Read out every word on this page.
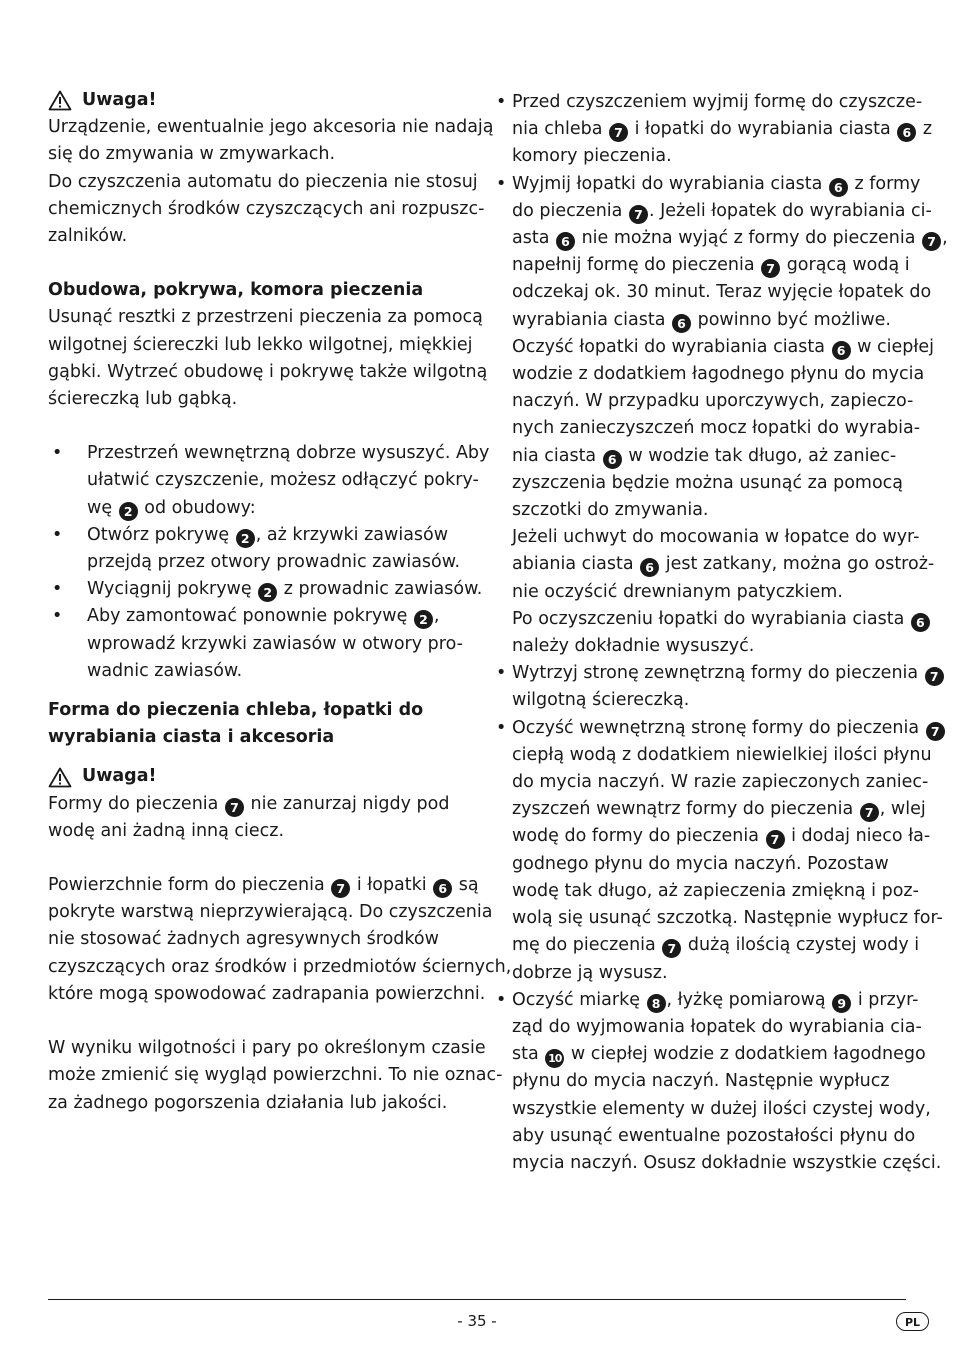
Uwaga!
Urządzenie, ewentualnie jego akcesoria nie nadają
się do zmywania w zmywarkach.
Do czyszczenia automatu do pieczenia nie stosuj
chemicznych środków czyszczących ani rozpuszc-
zalników.
Obudowa, pokrywa, komora pieczenia
Usunąć resztki z przestrzeni pieczenia za pomocą
wilgotnej ściereczki lub lekko wilgotnej, miękkiej
gąbki. Wytrzeć obudowę i pokrywę także wilgotną
ściereczką lub gąbką.
• Przestrzeń wewnętrzną dobrze wysuszyć. Aby
ułatwić czyszczenie, możesz odłączyć pokry-
wę 2 od obudowy:
• Otwórz pokrywę 2 , aż krzywki zawiasów
przejdą przez otwory prowadnic zawiasów.
• Wyciągnij pokrywę 2 z prowadnic zawiasów.
• Aby zamontować ponownie pokrywę 2 ,
wprowadź krzywki zawiasów w otwory pro-
wadnic zawiasów.
Forma do pieczenia chleba, łopatki do
wyrabiania ciasta i akcesoria
Uwaga!
Formy do pieczenia 7 nie zanurzaj nigdy pod
wodę ani żadną inną ciecz.
Powierzchnie form do pieczenia 7 i łopatki 6 są
pokryte warstwą nieprzywierającą. Do czyszczenia
nie stosować żadnych agresywnych środków
czyszczących oraz środków i przedmiotów ściernych,
które mogą spowodować zadrapania powierzchni.
W wyniku wilgotności i pary po określonym czasie
może zmienić się wygląd powierzchni. To nie oznac-
za żadnego pogorszenia działania lub jakości.
• Przed czyszczeniem wyjmij formę do czyszcze-
nia chleba 7 i łopatki do wyrabiania ciasta 6 z
komory pieczenia.
• Wyjmij łopatki do wyrabiania ciasta 6 z formy
do pieczenia 7 . Jeżeli łopatek do wyrabiania ci-
asta 6 nie można wyjąć z formy do pieczenia 7 ,
napełnij formę do pieczenia 7 gorącą wodą i
odczekaj ok. 30 minut. Teraz wyjęcie łopatek do
wyrabiania ciasta 6 powinno być możliwe.
Oczyść łopatki do wyrabiania ciasta 6 w ciepłej
wodzie z dodatkiem łagodnego płynu do mycia
naczyń. W przypadku uporczywych, zapieczo-
nych zanieczyszczeń mocz łopatki do wyrabia-
nia ciasta 6 w wodzie tak długo, aż zaniec-
zyszczenia będzie można usunąć za pomocą
szczotki do zmywania.
Jeżeli uchwyt do mocowania w łopatce do wyr-
abiania ciasta 6 jest zatkany, można go ostroż-
nie oczyścić drewnianym patyczkiem.
Po oczyszczeniu łopatki do wyrabiania ciasta 6
należy dokładnie wysuszyć.
• Wytrzyj stronę zewnętrzną formy do pieczenia 7
wilgotną ściereczką.
• Oczyść wewnętrzną stronę formy do pieczenia 7
ciepłą wodą z dodatkiem niewielkiej ilości płynu
do mycia naczyń. W razie zapieczonych zaniec-
zyszczeń wewnątrz formy do pieczenia 7 , wlej
wodę do formy do pieczenia 7 i dodaj nieco ła-
godnego płynu do mycia naczyń. Pozostaw
wodę tak długo, aż zapieczenia zmiękną i poz-
wolą się usunąć szczotką. Następnie wypłucz for-
mę do pieczenia 7 dużą ilością czystej wody i
dobrze ją wysusz.
• Oczyść miarkę 8 , łyżkę pomiarową 9 i przyr-
ząd do wyjmowania łopatek do wyrabiania cia-
sta 10 w ciepłej wodzie z dodatkiem łagodnego
płynu do mycia naczyń. Następnie wypłucz
wszystkie elementy w dużej ilości czystej wody,
aby usunąć ewentualne pozostałości płynu do
mycia naczyń. Osusz dokładnie wszystkie części.
- 35 -	PL
